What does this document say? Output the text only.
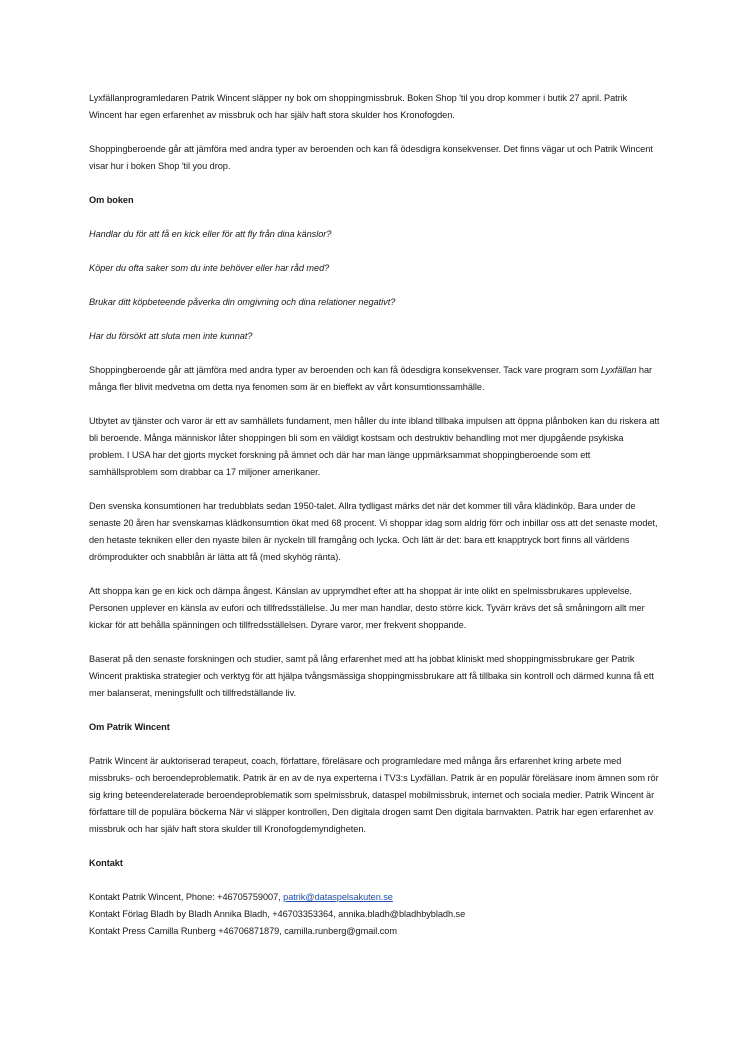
Lyxfällanprogramledaren Patrik Wincent släpper ny bok om shoppingmissbruk. Boken Shop 'til you drop kommer i butik 27 april. Patrik Wincent har egen erfarenhet av missbruk och har själv haft stora skulder hos Kronofogden.

Shoppingberoende går att jämföra med andra typer av beroenden och kan få ödesdigra konsekvenser. Det finns vägar ut och Patrik Wincent visar hur i boken Shop 'til you drop.

Om boken

Handlar du för att få en kick eller för att fly från dina känslor?

Köper du ofta saker som du inte behöver eller har råd med?

Brukar ditt köpbeteende påverka din omgivning och dina relationer negativt?

Har du försökt att sluta men inte kunnat?

Shoppingberoende går att jämföra med andra typer av beroenden och kan få ödesdigra konsekvenser. Tack vare program som Lyxfällan har många fler blivit medvetna om detta nya fenomen som är en bieffekt av vårt konsumtionssamhälle.

Utbytet av tjänster och varor är ett av samhällets fundament, men håller du inte ibland tillbaka impulsen att öppna plånboken kan du riskera att bli beroende. Många människor låter shoppingen bli som en väldigt kostsam och destruktiv behandling mot mer djupgående psykiska problem. I USA har det gjorts mycket forskning på ämnet och där har man länge uppmärksammat shoppingberoende som ett samhällsproblem som drabbar ca 17 miljoner amerikaner.

Den svenska konsumtionen har tredubblats sedan 1950-talet. Allra tydligast märks det när det kommer till våra klädinköp. Bara under de senaste 20 åren har svenskarnas klädkonsumtion ökat med 68 procent. Vi shoppar idag som aldrig förr och inbillar oss att det senaste modet, den hetaste tekniken eller den nyaste bilen är nyckeln till framgång och lycka. Och lätt är det: bara ett knapptryck bort finns all världens drömprodukter och snabblån är lätta att få (med skyhög ränta).

Att shoppa kan ge en kick och dämpa ångest. Känslan av upprymdhet efter att ha shoppat är inte olikt en spelmissbrukares upplevelse. Personen upplever en känsla av eufori och tillfredsställelse. Ju mer man handlar, desto större kick. Tyvärr krävs det så småningom allt mer kickar för att behålla spänningen och tillfredsställelsen. Dyrare varor, mer frekvent shoppande.

Baserat på den senaste forskningen och studier, samt på lång erfarenhet med att ha jobbat kliniskt med shoppingmissbrukare ger Patrik Wincent praktiska strategier och verktyg för att hjälpa tvångsmässiga shoppingmissbrukare att få tillbaka sin kontroll och därmed kunna få ett mer balanserat, meningsfullt och tillfredställande liv.

Om Patrik Wincent

Patrik Wincent är auktoriserad terapeut, coach, författare, föreläsare och programledare med många års erfarenhet kring arbete med missbruks- och beroendeproblematik. Patrik är en av de nya experterna i TV3:s Lyxfällan. Patrik är en populär föreläsare inom ämnen som rör sig kring beteenderelaterade beroendeproblematik som spelmissbruk, dataspel mobilmissbruk, internet och sociala medier. Patrik Wincent är författare till de populära böckerna När vi släpper kontrollen, Den digitala drogen samt Den digitala barnvakten. Patrik har egen erfarenhet av missbruk och har själv haft stora skulder till Kronofogdemyndigheten.

Kontakt

Kontakt Patrik Wincent, Phone: +46705759007, patrik@dataspelsakuten.se

Kontakt Förlag Bladh by Bladh Annika Bladh, +46703353364, annika.bladh@bladhbybladh.se

Kontakt Press Camilla Runberg +46706871879, camilla.runberg@gmail.com
